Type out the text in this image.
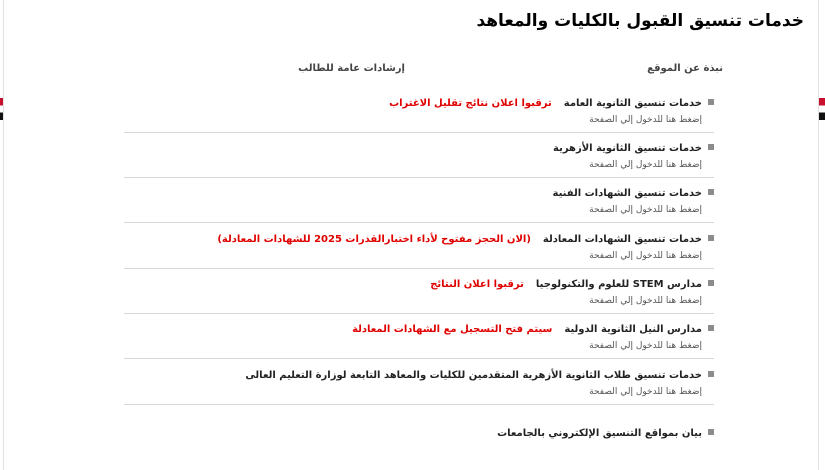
خدمات تنسيق القبول بالكليات والمعاهد
نبذة عن الموقع
إرشادات عامة للطالب
خدمات تنسيق الثانوية العامةترقبوا اعلان نتائج تقليل الاغتراب
إضغط هنا للدخول إلي الصفحة
خدمات تنسيق الثانوية الأزهرية
إضغط هنا للدخول إلي الصفحة
خدمات تنسيق الشهادات الفنية
إضغط هنا للدخول إلي الصفحة
خدمات تنسيق الشهادات المعادلة(الان الحجز مفتوح لأداء اختبارالقدرات 2025 للشهادات المعادلة)
إضغط هنا للدخول إلي الصفحة
مدارس STEM للعلوم والتكنولوجياترقبوا اعلان النتائج
إضغط هنا للدخول إلي الصفحة
مدارس النيل الثانوية الدوليةسيتم فتح التسجيل مع الشهادات المعادلة
إضغط هنا للدخول إلي الصفحة
خدمات تنسيق طلاب الثانوية الأزهرية المتقدمين للكليات والمعاهد التابعة لوزارة التعليم العالى
إضغط هنا للدخول إلي الصفحة
بيان بمواقع التنسيق الإلكتروني بالجامعات
